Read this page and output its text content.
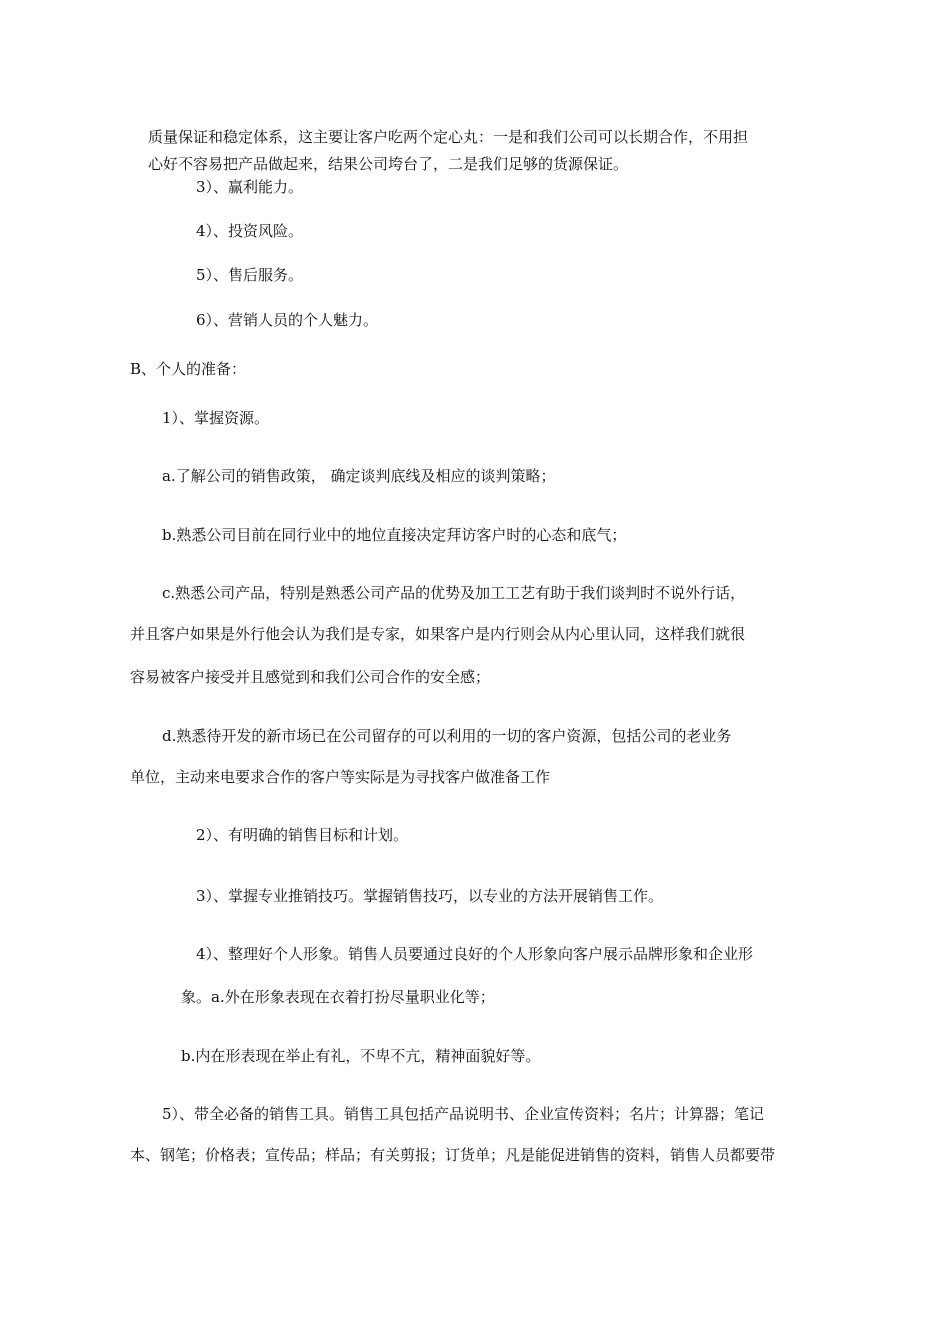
质量保证和稳定体系，这主要让客户吃两个定心丸：一是和我们公司可以长期合作，不用担
心好不容易把产品做起来，结果公司垮台了，二是我们足够的货源保证。
3）、赢利能力。
4）、投资风险。
5）、售后服务。
6）、营销人员的个人魅力。
B、个人的准备：
1）、掌握资源。
a.了解公司的销售政策， 确定谈判底线及相应的谈判策略；
b.熟悉公司目前在同行业中的地位直接决定拜访客户时的心态和底气；
c.熟悉公司产品，特别是熟悉公司产品的优势及加工工艺有助于我们谈判时不说外行话，
并且客户如果是外行他会认为我们是专家，如果客户是内行则会从内心里认同，这样我们就很
容易被客户接受并且感觉到和我们公司合作的安全感；
d.熟悉待开发的新市场已在公司留存的可以利用的一切的客户资源，包括公司的老业务
单位，主动来电要求合作的客户等实际是为寻找客户做准备工作
2）、有明确的销售目标和计划。
3）、掌握专业推销技巧。掌握销售技巧，以专业的方法开展销售工作。
4）、整理好个人形象。销售人员要通过良好的个人形象向客户展示品牌形象和企业形
象。a.外在形象表现在衣着打扮尽量职业化等；
b.内在形表现在举止有礼，不卑不亢，精神面貌好等。
5）、带全必备的销售工具。销售工具包括产品说明书、企业宣传资料；名片；计算器；笔记
本、钢笔；价格表；宣传品；样品；有关剪报；订货单；凡是能促进销售的资料，销售人员都要带
